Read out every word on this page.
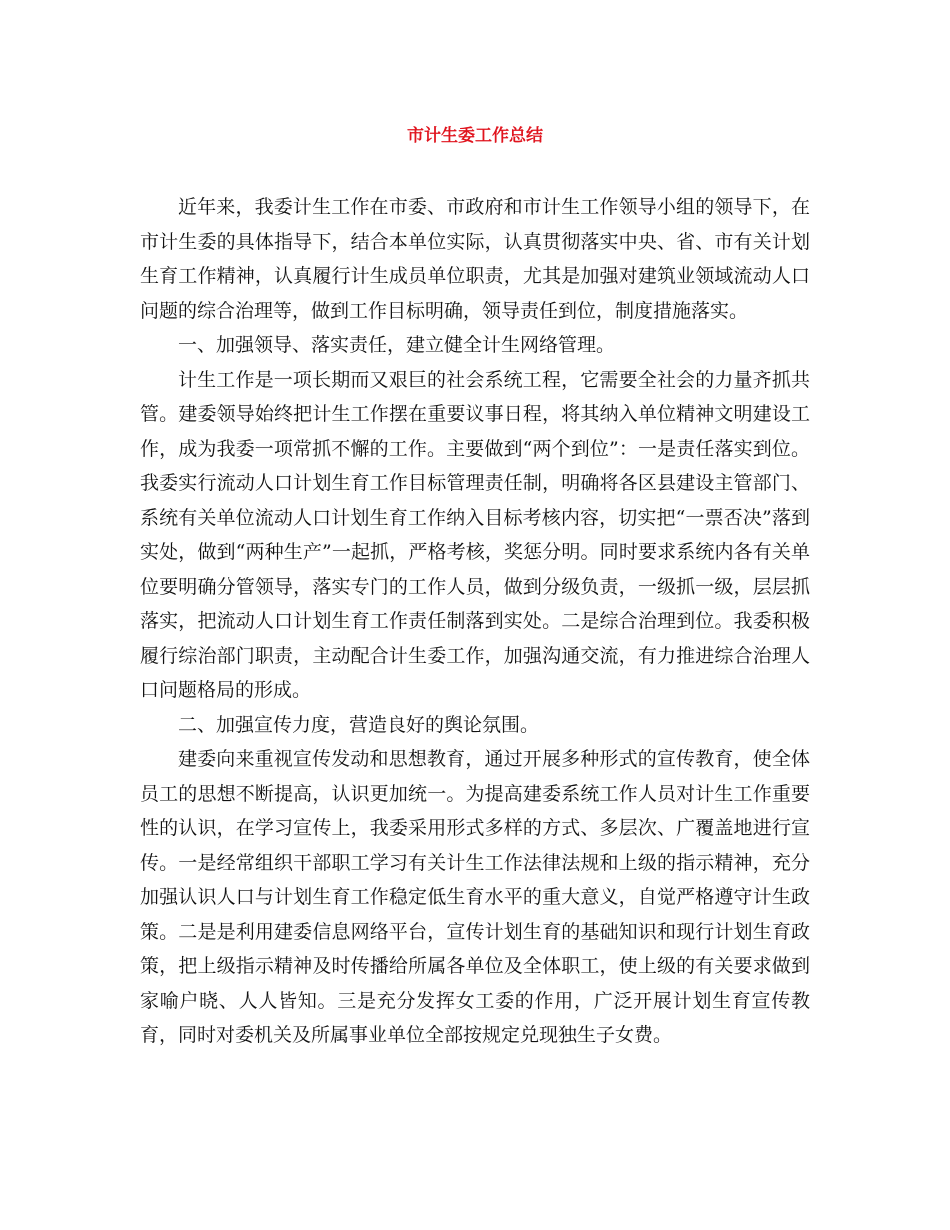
市计生委工作总结

近年来，我委计生工作在市委、市政府和市计生工作领导小组的领导下，在市计生委的具体指导下，结合本单位实际，认真贯彻落实中央、省、市有关计划生育工作精神，认真履行计生成员单位职责，尤其是加强对建筑业领域流动人口问题的综合治理等，做到工作目标明确，领导责任到位，制度措施落实。

一、加强领导、落实责任，建立健全计生网络管理。

计生工作是一项长期而又艰巨的社会系统工程，它需要全社会的力量齐抓共管。建委领导始终把计生工作摆在重要议事日程，将其纳入单位精神文明建设工作，成为我委一项常抓不懈的工作。主要做到“两个到位”：一是责任落实到位。我委实行流动人口计划生育工作目标管理责任制，明确将各区县建设主管部门、系统有关单位流动人口计划生育工作纳入目标考核内容，切实把“一票否决”落到实处，做到“两种生产”一起抓，严格考核，奖惩分明。同时要求系统内各有关单位要明确分管领导，落实专门的工作人员，做到分级负责，一级抓一级，层层抓落实，把流动人口计划生育工作责任制落到实处。二是综合治理到位。我委积极履行综治部门职责，主动配合计生委工作，加强沟通交流，有力推进综合治理人口问题格局的形成。

二、加强宣传力度，营造良好的舆论氛围。

建委向来重视宣传发动和思想教育，通过开展多种形式的宣传教育，使全体员工的思想不断提高，认识更加统一。为提高建委系统工作人员对计生工作重要性的认识，在学习宣传上，我委采用形式多样的方式、多层次、广覆盖地进行宣传。一是经常组织干部职工学习有关计生工作法律法规和上级的指示精神，充分加强认识人口与计划生育工作稳定低生育水平的重大意义，自觉严格遵守计生政策。二是是利用建委信息网络平台，宣传计划生育的基础知识和现行计划生育政策，把上级指示精神及时传播给所属各单位及全体职工，使上级的有关要求做到家喻户晓、人人皆知。三是充分发挥女工委的作用，广泛开展计划生育宣传教育，同时对委机关及所属事业单位全部按规定兑现独生子女费。
